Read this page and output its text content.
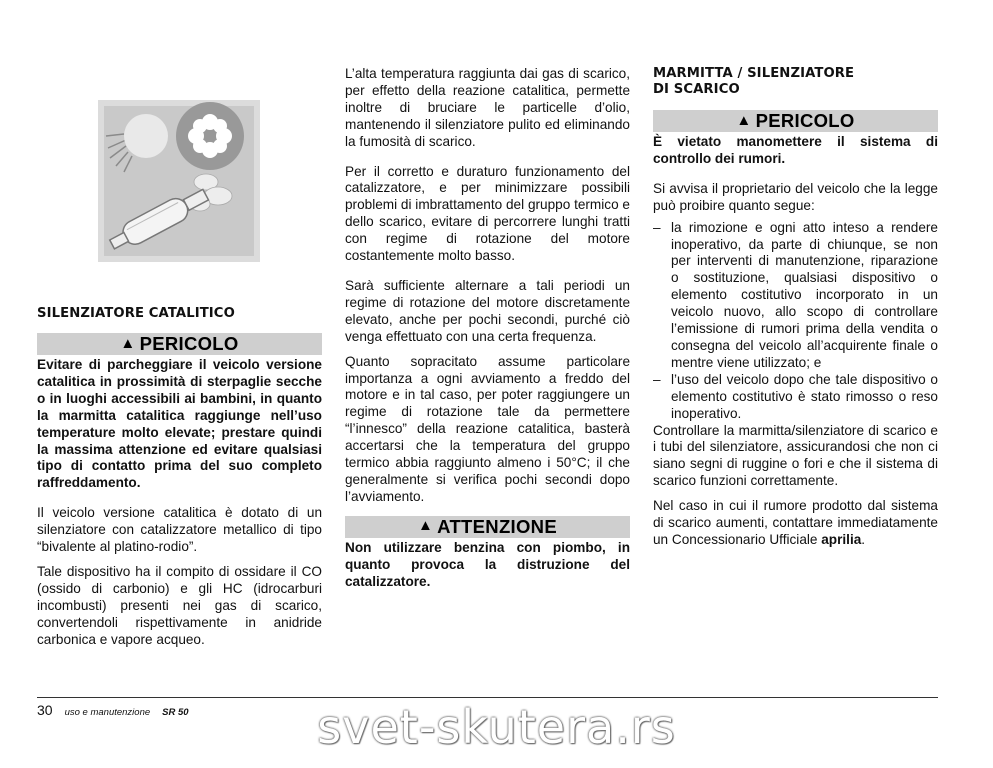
SILENZIATORE CATALITICO
▲ PERICOLO

Evitare di parcheggiare il veicolo versione catalitica in prossimità di sterpaglie secche o in luoghi accessibili ai bambini, in quanto la marmitta catalitica raggiunge nell’uso temperature molto elevate; prestare quindi la massima attenzione ed evitare qualsiasi tipo di contatto prima del suo completo raffreddamento.

Il veicolo versione catalitica è dotato di un silenziatore con catalizzatore metallico di tipo “bivalente al platino-rodio”.

Tale dispositivo ha il compito di ossidare il CO (ossido di carbonio) e gli HC (idrocarburi incombusti) presenti nei gas di scarico, convertendoli rispettivamente in anidride carbonica e vapore acqueo.

L’alta temperatura raggiunta dai gas di scarico, per effetto della reazione catalitica, permette inoltre di bruciare le particelle d’olio, mantenendo il silenziatore pulito ed eliminando la fumosità di scarico.

Per il corretto e duraturo funzionamento del catalizzatore, e per minimizzare possibili problemi di imbrattamento del gruppo termico e dello scarico, evitare di percorrere lunghi tratti con regime di rotazione del motore costantemente molto basso.

Sarà sufficiente alternare a tali periodi un regime di rotazione del motore discretamente elevato, anche per pochi secondi, purché ciò venga effettuato con una certa frequenza.

Quanto sopracitato assume particolare importanza a ogni avviamento a freddo del motore e in tal caso, per poter raggiungere un regime di rotazione tale da permettere “l’innesco” della reazione catalitica, basterà accertarsi che la temperatura del gruppo termico abbia raggiunto almeno i 50°C; il che generalmente si verifica pochi secondi dopo l’avviamento.

▲ ATTENZIONE

Non utilizzare benzina con piombo, in quanto provoca la distruzione del catalizzatore.

MARMITTA / SILENZIATORE
DI SCARICO
▲ PERICOLO

È vietato manomettere il sistema di controllo dei rumori.

Si avvisa il proprietario del veicolo che la legge può proibire quanto segue:

– la rimozione e ogni atto inteso a rendere inoperativo, da parte di chiunque, se non per interventi di manutenzione, riparazione o sostituzione, qualsiasi dispositivo o elemento costitutivo incorporato in un veicolo nuovo, allo scopo di controllare l’emissione di rumori prima della vendita o consegna del veicolo all’acquirente finale o mentre viene utilizzato; e
– l’uso del veicolo dopo che tale dispositivo o elemento costitutivo è stato rimosso o reso inoperativo.

Controllare la marmitta/silenziatore di scarico e i tubi del silenziatore, assicurandosi che non ci siano segni di ruggine o fori e che il sistema di scarico funzioni correttamente.

Nel caso in cui il rumore prodotto dal sistema di scarico aumenti, contattare immediatamente un Concessionario Ufficiale aprilia.

30 uso e manutenzione SR 50	svet-skutera.rs
